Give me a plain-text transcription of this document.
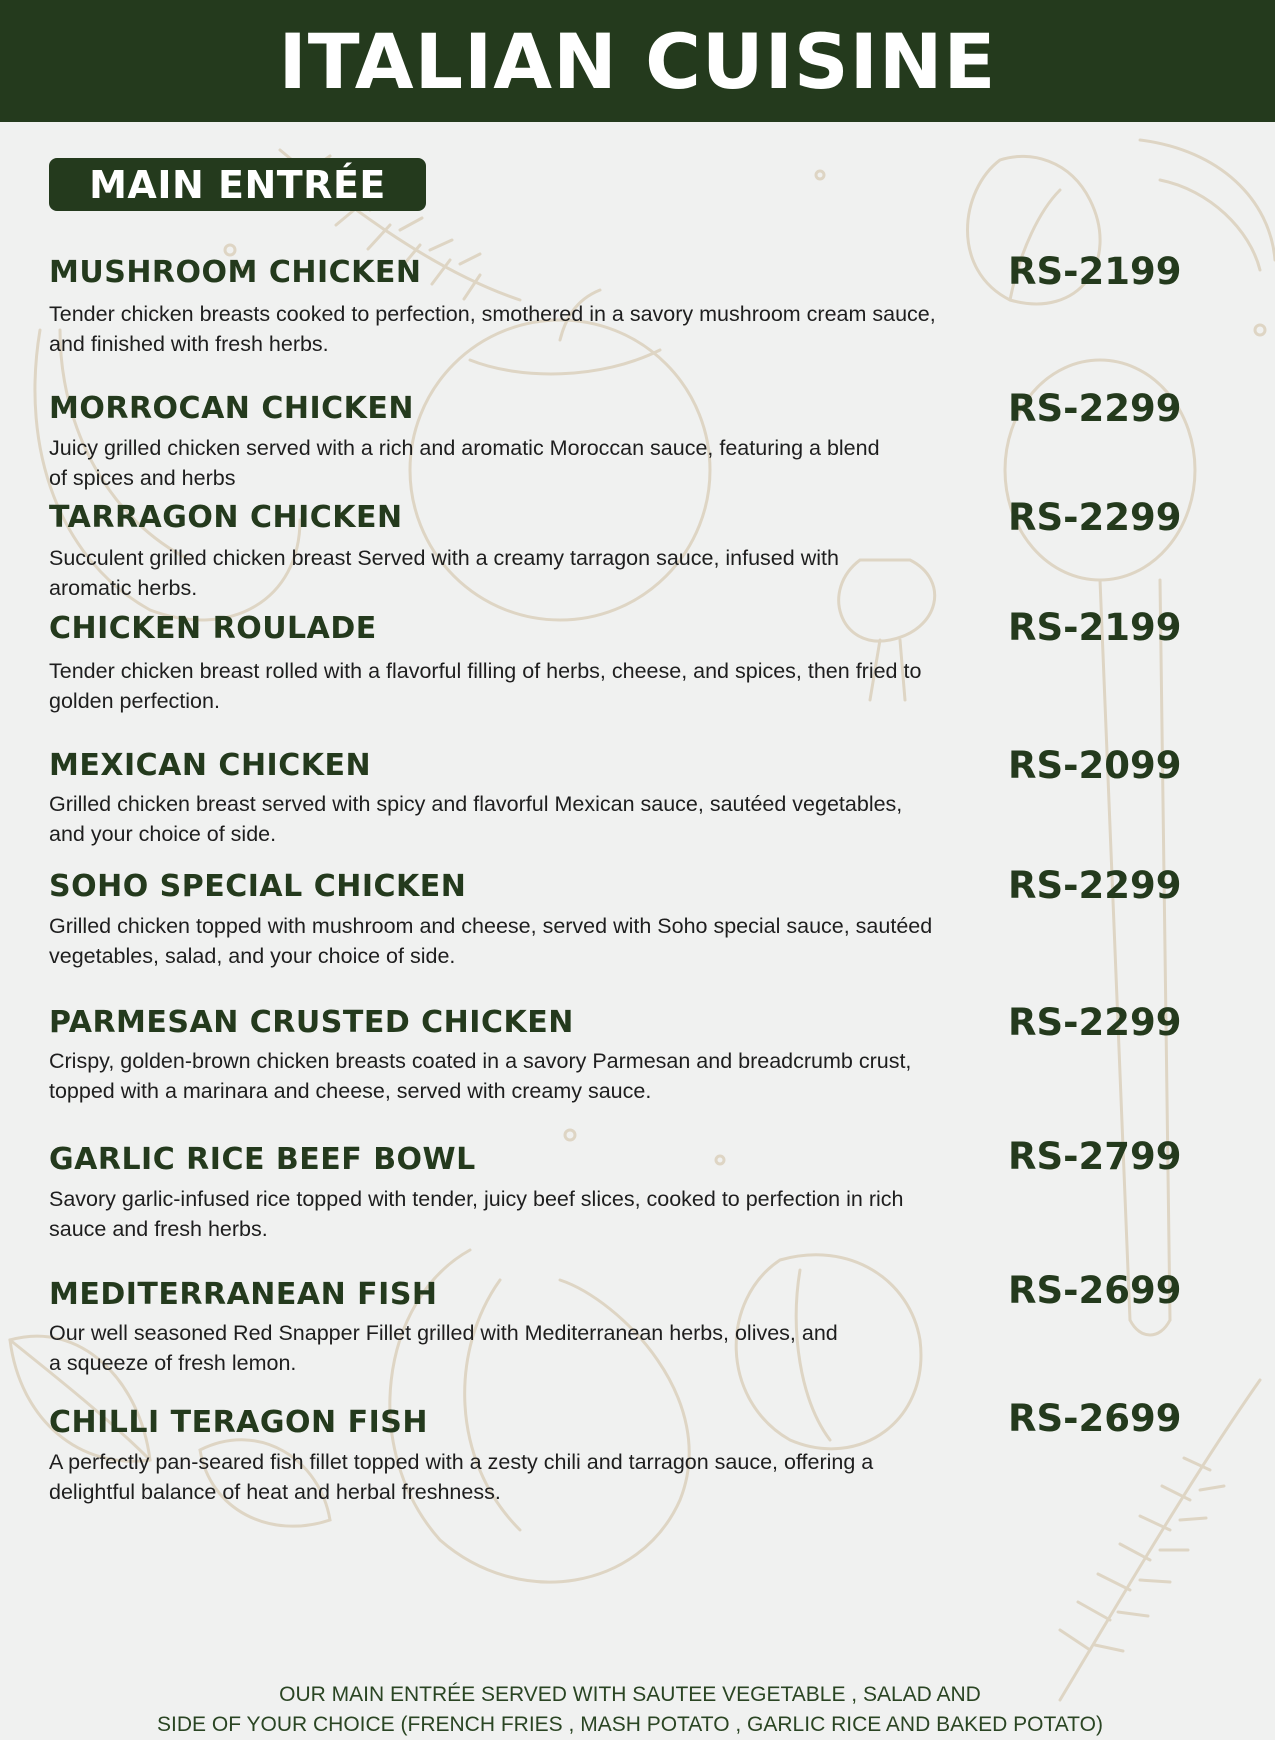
ITALIAN CUISINE
MAIN ENTRÉE
MUSHROOM CHICKEN	RS-2199
Tender chicken breasts cooked to perfection, smothered in a savory mushroom cream sauce,
and finished with fresh herbs.
MORROCAN CHICKEN	RS-2299
Juicy grilled chicken served with a rich and aromatic Moroccan sauce, featuring a blend
of spices and herbs
TARRAGON CHICKEN	RS-2299
Succulent grilled chicken breast Served with a creamy tarragon sauce, infused with
aromatic herbs.
CHICKEN ROULADE	RS-2199
Tender chicken breast rolled with a flavorful filling of herbs, cheese, and spices, then fried to
golden perfection.
MEXICAN CHICKEN	RS-2099
Grilled chicken breast served with spicy and flavorful Mexican sauce, sautéed vegetables,
and your choice of side.
SOHO SPECIAL CHICKEN	RS-2299
Grilled chicken topped with mushroom and cheese, served with Soho special sauce, sautéed
vegetables, salad, and your choice of side.
PARMESAN CRUSTED CHICKEN	RS-2299
Crispy, golden-brown chicken breasts coated in a savory Parmesan and breadcrumb crust,
topped with a marinara and cheese, served with creamy sauce.
GARLIC RICE BEEF BOWL	RS-2799
Savory garlic-infused rice topped with tender, juicy beef slices, cooked to perfection in rich
sauce and fresh herbs.
MEDITERRANEAN FISH	RS-2699
Our well seasoned Red Snapper Fillet grilled with Mediterranean herbs, olives, and
a squeeze of fresh lemon.
CHILLI TERAGON FISH	RS-2699
A perfectly pan-seared fish fillet topped with a zesty chili and tarragon sauce, offering a
delightful balance of heat and herbal freshness.
OUR MAIN ENTRÉE SERVED WITH SAUTEE VEGETABLE , SALAD AND
SIDE OF YOUR CHOICE (FRENCH FRIES , MASH POTATO , GARLIC RICE AND BAKED POTATO)
